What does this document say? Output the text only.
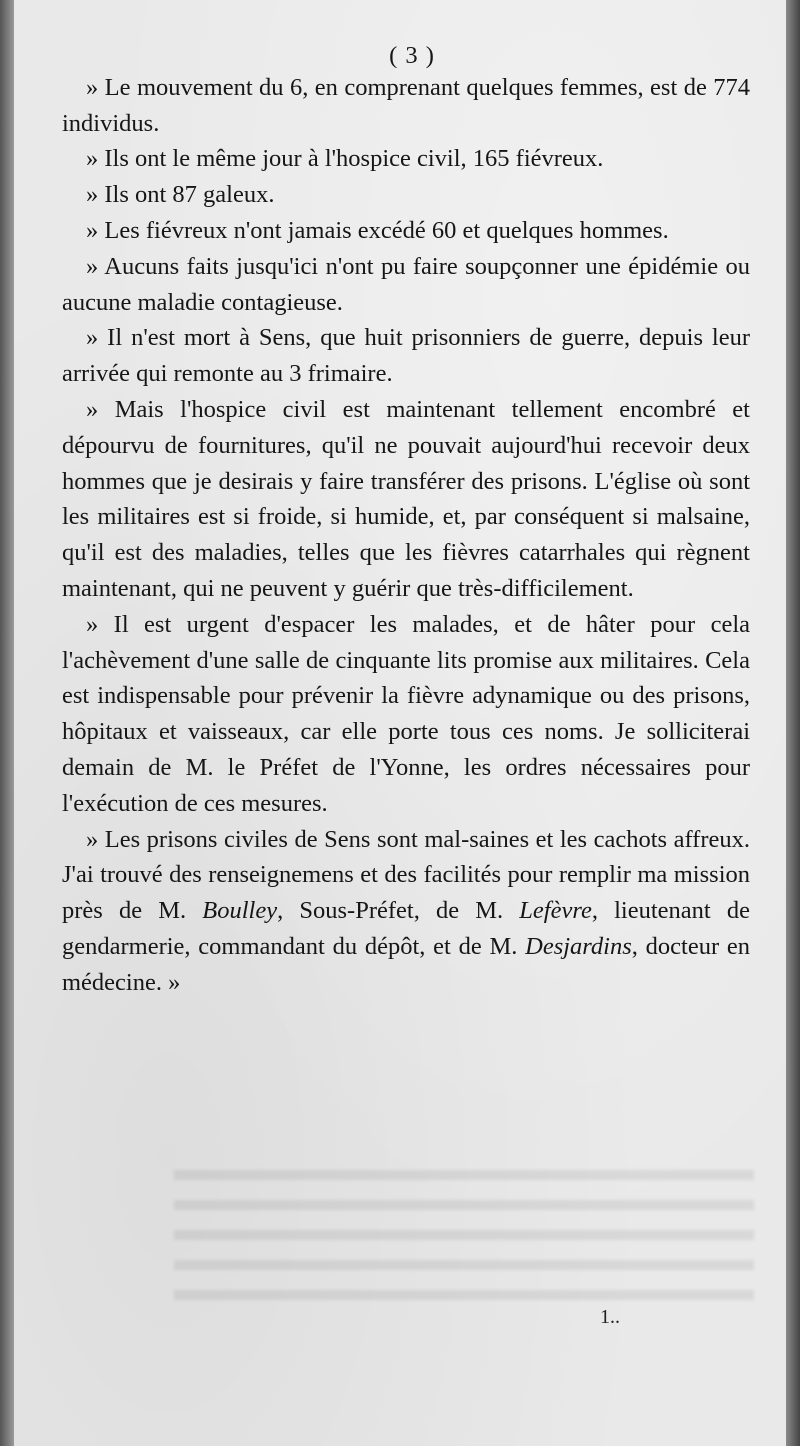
( 3 )

» Le mouvement du 6, en comprenant quelques femmes, est de 774 individus.

» Ils ont le même jour à l'hospice civil, 165 fiévreux.

» Ils ont 87 galeux.

» Les fiévreux n'ont jamais excédé 60 et quelques hommes.

» Aucuns faits jusqu'ici n'ont pu faire soupçonner une épidémie ou aucune maladie contagieuse.

» Il n'est mort à Sens, que huit prisonniers de guerre, depuis leur arrivée qui remonte au 3 frimaire.

» Mais l'hospice civil est maintenant tellement encombré et dépourvu de fournitures, qu'il ne pouvait aujourd'hui recevoir deux hommes que je desirais y faire transférer des prisons. L'église où sont les militaires est si froide, si humide, et, par conséquent si malsaine, qu'il est des maladies, telles que les fièvres catarrhales qui règnent maintenant, qui ne peuvent y guérir que très-difficilement.

» Il est urgent d'espacer les malades, et de hâter pour cela l'achèvement d'une salle de cinquante lits promise aux militaires. Cela est indispensable pour prévenir la fièvre adynamique ou des prisons, hôpitaux et vaisseaux, car elle porte tous ces noms. Je solliciterai demain de M. le Préfet de l'Yonne, les ordres nécessaires pour l'exécution de ces mesures.

» Les prisons civiles de Sens sont mal-saines et les cachots affreux. J'ai trouvé des renseignemens et des facilités pour remplir ma mission près de M. Boulley, Sous-Préfet, de M. Lefèvre, lieutenant de gendarmerie, commandant du dépôt, et de M. Desjardins, docteur en médecine. »

1..
